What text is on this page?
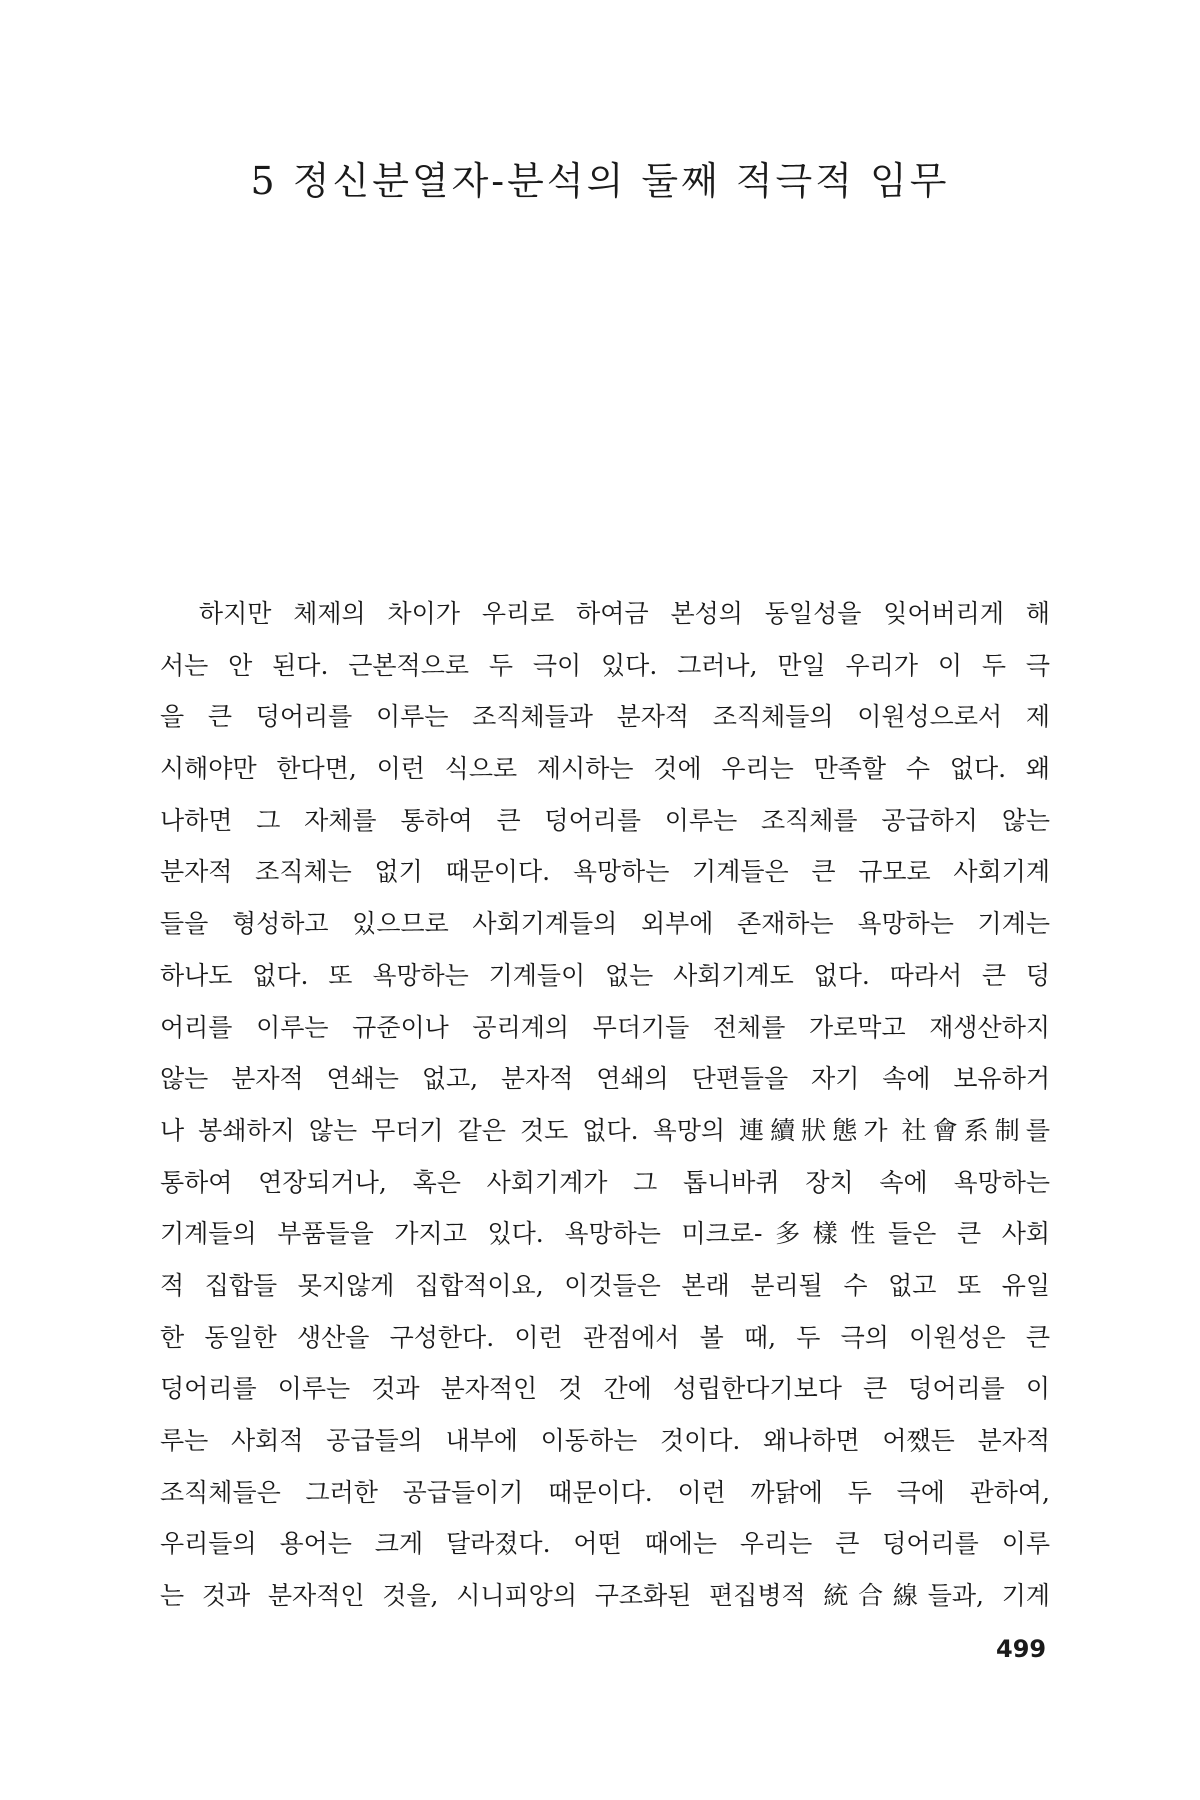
5 정신분열자-분석의 둘째 적극적 임무
　하지만 체제의 차이가 우리로 하여금 본성의 동일성을 잊어버리게 해
서는 안 된다. 근본적으로 두 극이 있다. 그러나, 만일 우리가 이 두 극
을 큰 덩어리를 이루는 조직체들과 분자적 조직체들의 이원성으로서 제
시해야만 한다면, 이런 식으로 제시하는 것에 우리는 만족할 수 없다. 왜
나하면 그 자체를 통하여 큰 덩어리를 이루는 조직체를 공급하지 않는
분자적 조직체는 없기 때문이다. 욕망하는 기계들은 큰 규모로 사회기계
들을 형성하고 있으므로 사회기계들의 외부에 존재하는 욕망하는 기계는
하나도 없다. 또 욕망하는 기계들이 없는 사회기계도 없다. 따라서 큰 덩
어리를 이루는 규준이나 공리계의 무더기들 전체를 가로막고 재생산하지
않는 분자적 연쇄는 없고, 분자적 연쇄의 단편들을 자기 속에 보유하거
나 봉쇄하지 않는 무더기 같은 것도 없다. 욕망의 連續狀態가 社會系制를
통하여 연장되거나, 혹은 사회기계가 그 톱니바퀴 장치 속에 욕망하는
기계들의 부품들을 가지고 있다. 욕망하는 미크로-多樣性들은 큰 사회
적 집합들 못지않게 집합적이요, 이것들은 본래 분리될 수 없고 또 유일
한 동일한 생산을 구성한다. 이런 관점에서 볼 때, 두 극의 이원성은 큰
덩어리를 이루는 것과 분자적인 것 간에 성립한다기보다 큰 덩어리를 이
루는 사회적 공급들의 내부에 이동하는 것이다. 왜나하면 어쨌든 분자적
조직체들은 그러한 공급들이기 때문이다. 이런 까닭에 두 극에 관하여,
우리들의 용어는 크게 달라졌다. 어떤 때에는 우리는 큰 덩어리를 이루
는 것과 분자적인 것을, 시니피앙의 구조화된 편집병적 統合線들과, 기계
499
